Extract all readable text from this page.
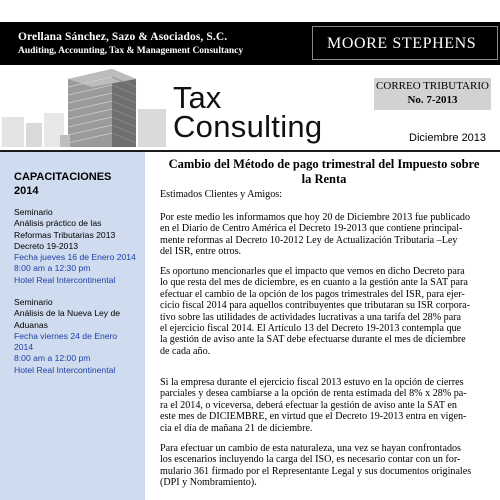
Orellana Sánchez, Sazo & Asociados, S.C.
Auditing, Accounting, Tax & Management Consultancy	MOORE STEPHENS
Tax
Consulting
CORREO TRIBUTARIO
No. 7-2013
Diciembre 2013
CAPACITACIONES
2014
Seminario
Análisis práctico de las
Reformas Tributarias 2013
Decreto 19-2013
Fecha jueves 16 de Enero 2014
8:00 am a 12:30 pm
Hotel Real Intercontinental
Seminario
Análisis de la Nueva Ley de
Aduanas
Fecha viernes 24 de Enero
2014
8:00 am a 12:00 pm
Hotel Real Intercontinental
Cambio del Método de pago trimestral del Impuesto sobre
la Renta
Estimados Clientes y Amigos:
Por este medio les informamos que hoy 20 de Diciembre 2013 fue publicado
en el Diario de Centro América el Decreto 19-2013 que contiene principal-
mente reformas al Decreto 10-2012 Ley de Actualización Tributaria –Ley
del ISR, entre otros.
Es oportuno mencionarles que el impacto que vemos en dicho Decreto para
lo que resta del mes de diciembre, es en cuanto a la gestión ante la SAT para
efectuar el cambio de la opción de los pagos trimestrales del ISR, para ejer-
cicio fiscal 2014 para aquellos contribuyentes que tributaran su ISR corpora-
tivo sobre las utilidades de actividades lucrativas a una tarifa del 28% para
el ejercicio fiscal 2014. El Artículo 13 del Decreto 19-2013 contempla que
la gestión de aviso ante la SAT debe efectuarse durante el mes de diciembre
de cada año.
Si la empresa durante el ejercicio fiscal 2013 estuvo en la opción de cierres
parciales y desea cambiarse a la opción de renta estimada del 8% x 28% pa-
ra el 2014, o viceversa, deberá efectuar la gestión de aviso ante la SAT en
este mes de DICIEMBRE, en virtud que el Decreto 19-2013 entra en vigen-
cia el día de mañana 21 de diciembre.
Para efectuar un cambio de esta naturaleza, una vez se hayan confrontados
los escenarios incluyendo la carga del ISO, es necesario contar con un for-
mulario 361 firmado por el Representante Legal y sus documentos originales
(DPI y Nombramiento).
